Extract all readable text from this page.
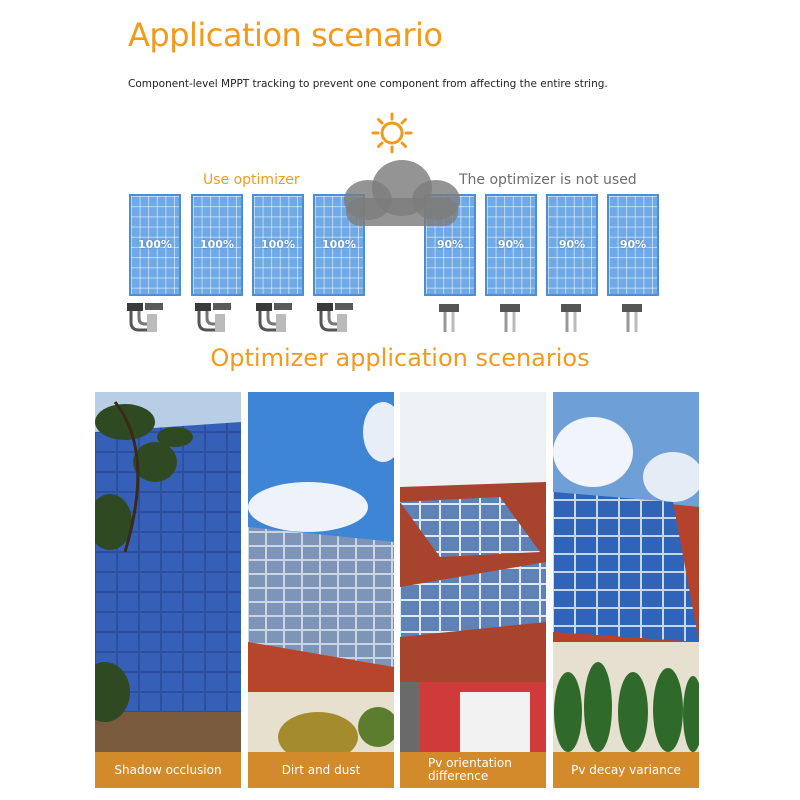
Application scenario
Component-level MPPT tracking to prevent one component from affecting the entire string.
Use optimizer	The optimizer is not used
100%	100%	100%	100%	90%	90%	90%	90%
Optimizer application scenarios
Shadow occlusion	Dirt and dust	Pv orientation difference	Pv decay variance
